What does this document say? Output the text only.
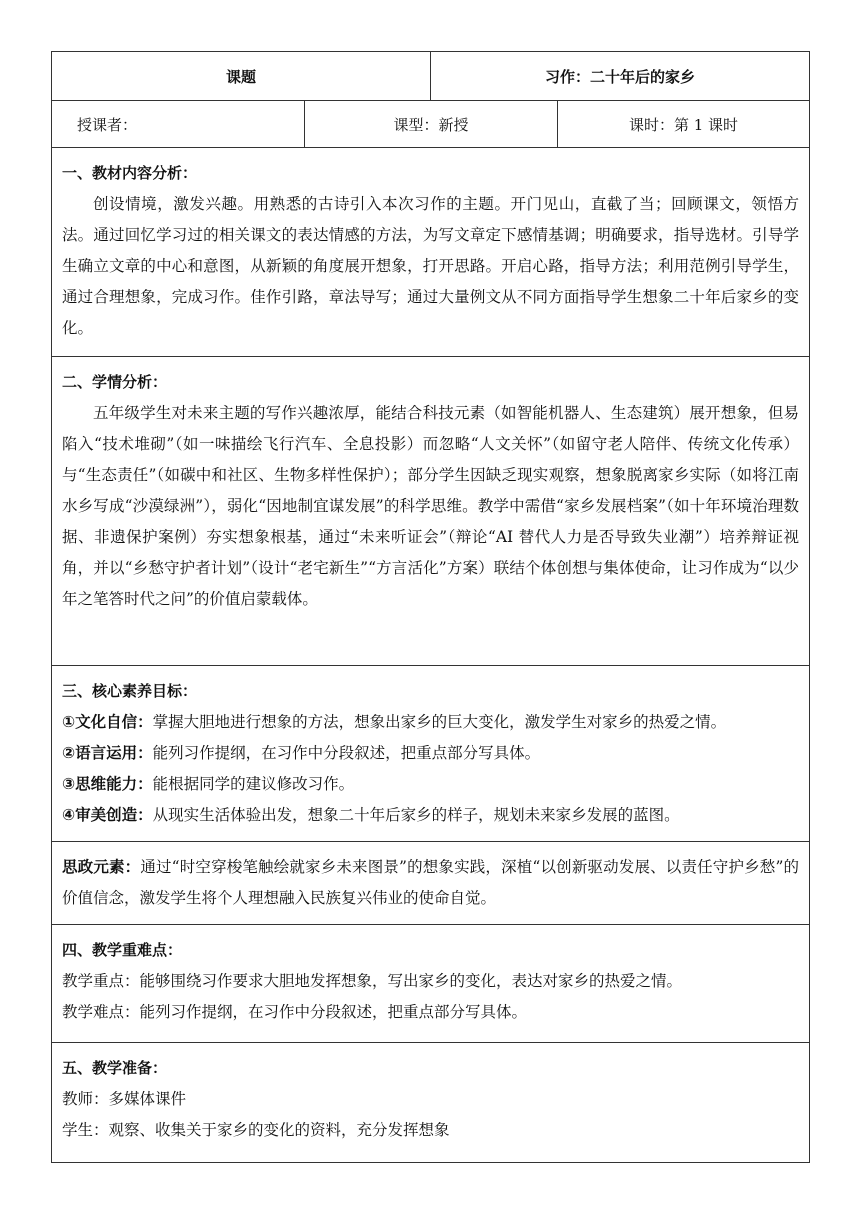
课题		习作：二十年后的家乡	
授课者：	课型：新授		课时：第 1 课时

一、教材内容分析：
创设情境，激发兴趣。用熟悉的古诗引入本次习作的主题。开门见山，直截了当；回顾课文，领悟方法。通过回忆学习过的相关课文的表达情感的方法，为写文章定下感情基调；明确要求，指导选材。引导学生确立文章的中心和意图，从新颖的角度展开想象，打开思路。开启心路，指导方法；利用范例引导学生，通过合理想象，完成习作。佳作引路，章法导写；通过大量例文从不同方面指导学生想象二十年后家乡的变化。			

二、学情分析：
五年级学生对未来主题的写作兴趣浓厚，能结合科技元素（如智能机器人、生态建筑）展开想象，但易陷入“技术堆砌”（如一味描绘飞行汽车、全息投影）而忽略“人文关怀”（如留守老人陪伴、传统文化传承）与“生态责任”（如碳中和社区、生物多样性保护）；部分学生因缺乏现实观察，想象脱离家乡实际（如将江南水乡写成“沙漠绿洲”），弱化“因地制宜谋发展”的科学思维。教学中需借“家乡发展档案”（如十年环境治理数据、非遗保护案例）夯实想象根基，通过“未来听证会”（辩论“AI 替代人力是否导致失业潮”）培养辩证视角，并以“乡愁守护者计划”（设计“老宅新生”“方言活化”方案）联结个体创想与集体使命，让习作成为“以少年之笔答时代之问”的价值启蒙载体。			

三、核心素养目标：
①文化自信：掌握大胆地进行想象的方法，想象出家乡的巨大变化，激发学生对家乡的热爱之情。
②语言运用：能列习作提纲，在习作中分段叙述，把重点部分写具体。
③思维能力：能根据同学的建议修改习作。
④审美创造：从现实生活体验出发，想象二十年后家乡的样子，规划未来家乡发展的蓝图。			

思政元素：通过“时空穿梭笔触绘就家乡未来图景”的想象实践，深植“以创新驱动发展、以责任守护乡愁”的价值信念，激发学生将个人理想融入民族复兴伟业的使命自觉。			

四、教学重难点：
教学重点：能够围绕习作要求大胆地发挥想象，写出家乡的变化，表达对家乡的热爱之情。
教学难点：能列习作提纲，在习作中分段叙述，把重点部分写具体。			

五、教学准备：
教师：多媒体课件
学生：观察、收集关于家乡的变化的资料，充分发挥想象			
